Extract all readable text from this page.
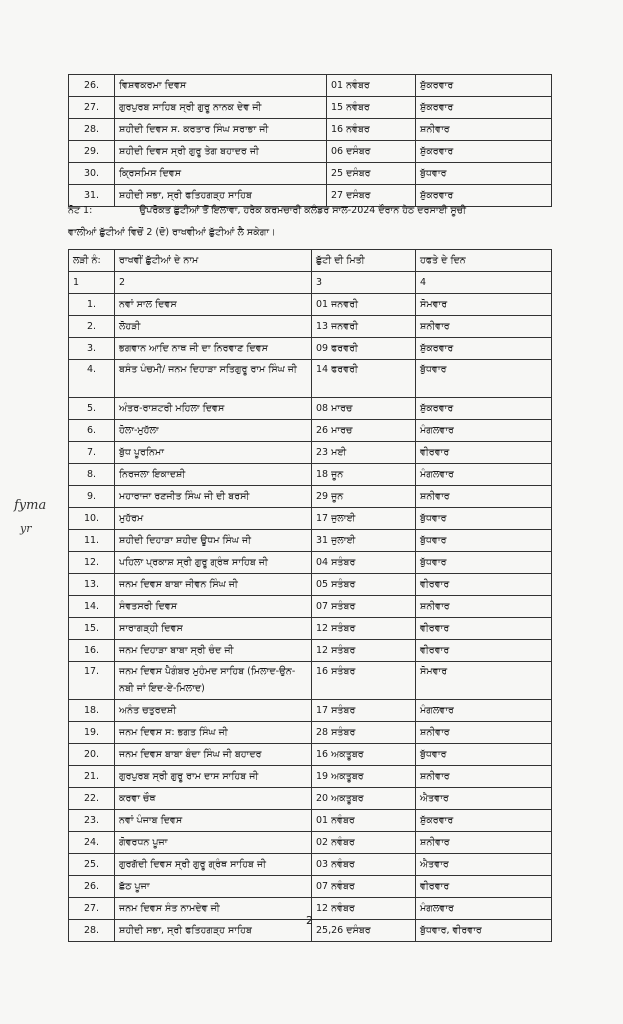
26.	ਵਿਸ਼ਵਕਰਮਾ ਦਿਵਸ	01 ਨਵੰਬਰ	ਸ਼ੁੱਕਰਵਾਰ
27.	ਗੁਰਪੁਰਬ ਸਾਹਿਬ ਸ੍ਰੀ ਗੁਰੂ ਨਾਨਕ ਦੇਵ ਜੀ	15 ਨਵੰਬਰ	ਸ਼ੁੱਕਰਵਾਰ
28.	ਸ਼ਹੀਦੀ ਦਿਵਸ ਸ. ਕਰਤਾਰ ਸਿੰਘ ਸਰਾਭਾ ਜੀ	16 ਨਵੰਬਰ	ਸ਼ਨੀਵਾਰ
29.	ਸ਼ਹੀਦੀ ਦਿਵਸ ਸ੍ਰੀ ਗੁਰੂ ਤੇਗ ਬਹਾਦਰ ਜੀ	06 ਦਸੰਬਰ	ਸ਼ੁੱਕਰਵਾਰ
30.	ਕ੍ਰਿਸਮਿਸ ਦਿਵਸ	25 ਦਸੰਬਰ	ਬੁੱਧਵਾਰ
31.	ਸ਼ਹੀਦੀ ਸਭਾ, ਸ੍ਰੀ ਫਤਿਹਗੜ੍ਹ ਸਾਹਿਬ	27 ਦਸੰਬਰ	ਸ਼ੁੱਕਰਵਾਰ
ਨੋਟ 1:	ਉਪਰੋਕਤ ਛੁੱਟੀਆਂ ਤੋਂ ਇਲਾਵਾ, ਹਰੇਕ ਕਰਮਚਾਰੀ ਕਲੰਡਰ ਸਾਲ-2024 ਦੌਰਾਨ ਹੇਠ ਦਰਸਾਈ ਸੂਚੀ
ਵਾਲੀਆਂ ਛੁੱਟੀਆਂ ਵਿਚੋਂ 2 (ਦੋ) ਰਾਖਵੀਆਂ ਛੁੱਟੀਆਂ ਲੈ ਸਕੇਗਾ।
ਲੜੀ ਨੰ:	ਰਾਖਵੀਂ ਛੁੱਟੀਆਂ ਦੇ ਨਾਮ	ਛੁੱਟੀ ਦੀ ਮਿਤੀ	ਹਫਤੇ ਦੇ ਦਿਨ
1	2	3	4
1.	ਨਵਾਂ ਸਾਲ ਦਿਵਸ	01 ਜਨਵਰੀ	ਸੋਮਵਾਰ
2.	ਲੋਹੜੀ	13 ਜਨਵਰੀ	ਸ਼ਨੀਵਾਰ
3.	ਭਗਵਾਨ ਆਦਿ ਨਾਥ ਜੀ ਦਾ ਨਿਰਵਾਣ ਦਿਵਸ	09 ਫਰਵਰੀ	ਸ਼ੁੱਕਰਵਾਰ
4.	ਬਸੰਤ ਪੰਚਮੀ/ ਜਨਮ ਦਿਹਾੜਾ ਸਤਿਗੁਰੂ ਰਾਮ ਸਿੰਘ ਜੀ	14 ਫਰਵਰੀ	ਬੁੱਧਵਾਰ
5.	ਅੰਤਰ-ਰਾਸ਼ਟਰੀ ਮਹਿਲਾ ਦਿਵਸ	08 ਮਾਰਚ	ਸ਼ੁੱਕਰਵਾਰ
6.	ਹੋਲਾ-ਮੁਹੱਲਾ	26 ਮਾਰਚ	ਮੰਗਲਵਾਰ
7.	ਬੁੱਧ ਪੂਰਨਿਮਾ	23 ਮਈ	ਵੀਰਵਾਰ
8.	ਨਿਰਜਲਾ ਇਕਾਦਸ਼ੀ	18 ਜੂਨ	ਮੰਗਲਵਾਰ
9.	ਮਹਾਰਾਜਾ ਰਣਜੀਤ ਸਿੰਘ ਜੀ ਦੀ ਬਰਸੀ	29 ਜੂਨ	ਸ਼ਨੀਵਾਰ
10.	ਮੁਹੱਰਮ	17 ਜੁਲਾਈ	ਬੁੱਧਵਾਰ
11.	ਸ਼ਹੀਦੀ ਦਿਹਾੜਾ ਸ਼ਹੀਦ ਊਧਮ ਸਿੰਘ ਜੀ	31 ਜੁਲਾਈ	ਬੁੱਧਵਾਰ
12.	ਪਹਿਲਾ ਪ੍ਰਕਾਸ਼ ਸ੍ਰੀ ਗੁਰੂ ਗ੍ਰੰਥ ਸਾਹਿਬ ਜੀ	04 ਸਤੰਬਰ	ਬੁੱਧਵਾਰ
13.	ਜਨਮ ਦਿਵਸ ਬਾਬਾ ਜੀਵਨ ਸਿੰਘ ਜੀ	05 ਸਤੰਬਰ	ਵੀਰਵਾਰ
14.	ਸੰਵਤਸਰੀ ਦਿਵਸ	07 ਸਤੰਬਰ	ਸ਼ਨੀਵਾਰ
15.	ਸਾਰਾਗੜ੍ਹੀ ਦਿਵਸ	12 ਸਤੰਬਰ	ਵੀਰਵਾਰ
16.	ਜਨਮ ਦਿਹਾੜਾ ਬਾਬਾ ਸ੍ਰੀ ਚੰਦ ਜੀ	12 ਸਤੰਬਰ	ਵੀਰਵਾਰ
17.	ਜਨਮ ਦਿਵਸ ਪੈਗੰਬਰ ਮੁਹੰਮਦ ਸਾਹਿਬ (ਮਿਲਾਦ-ਉਨ-ਨਬੀ ਜਾਂ ਇਦ-ਏ-ਮਿਲਾਦ)	16 ਸਤੰਬਰ	ਸੋਮਵਾਰ
18.	ਅਨੰਤ ਚਤੁਰਦਸ਼ੀ	17 ਸਤੰਬਰ	ਮੰਗਲਵਾਰ
19.	ਜਨਮ ਦਿਵਸ ਸ: ਭਗਤ ਸਿੰਘ ਜੀ	28 ਸਤੰਬਰ	ਸ਼ਨੀਵਾਰ
20.	ਜਨਮ ਦਿਵਸ ਬਾਬਾ ਬੰਦਾ ਸਿੰਘ ਜੀ ਬਹਾਦਰ	16 ਅਕਤੂਬਰ	ਬੁੱਧਵਾਰ
21.	ਗੁਰਪੁਰਬ ਸ੍ਰੀ ਗੁਰੂ ਰਾਮ ਦਾਸ ਸਾਹਿਬ ਜੀ	19 ਅਕਤੂਬਰ	ਸ਼ਨੀਵਾਰ
22.	ਕਰਵਾ ਚੌਥ	20 ਅਕਤੂਬਰ	ਐਤਵਾਰ
23.	ਨਵਾਂ ਪੰਜਾਬ ਦਿਵਸ	01 ਨਵੰਬਰ	ਸ਼ੁੱਕਰਵਾਰ
24.	ਗੋਵਰਧਨ ਪੂਜਾ	02 ਨਵੰਬਰ	ਸ਼ਨੀਵਾਰ
25.	ਗੁਰਗੱਦੀ ਦਿਵਸ ਸ੍ਰੀ ਗੁਰੂ ਗ੍ਰੰਥ ਸਾਹਿਬ ਜੀ	03 ਨਵੰਬਰ	ਐਤਵਾਰ
26.	ਛੱਠ ਪੂਜਾ	07 ਨਵੰਬਰ	ਵੀਰਵਾਰ
27.	ਜਨਮ ਦਿਵਸ ਸੰਤ ਨਾਮਦੇਵ ਜੀ	12 ਨਵੰਬਰ	ਮੰਗਲਵਾਰ
28.	ਸ਼ਹੀਦੀ ਸਭਾ, ਸ੍ਰੀ ਫਤਿਹਗੜ੍ਹ ਸਾਹਿਬ	25,26 ਦਸੰਬਰ	ਬੁੱਧਵਾਰ, ਵੀਰਵਾਰ
fyma
yr
2
